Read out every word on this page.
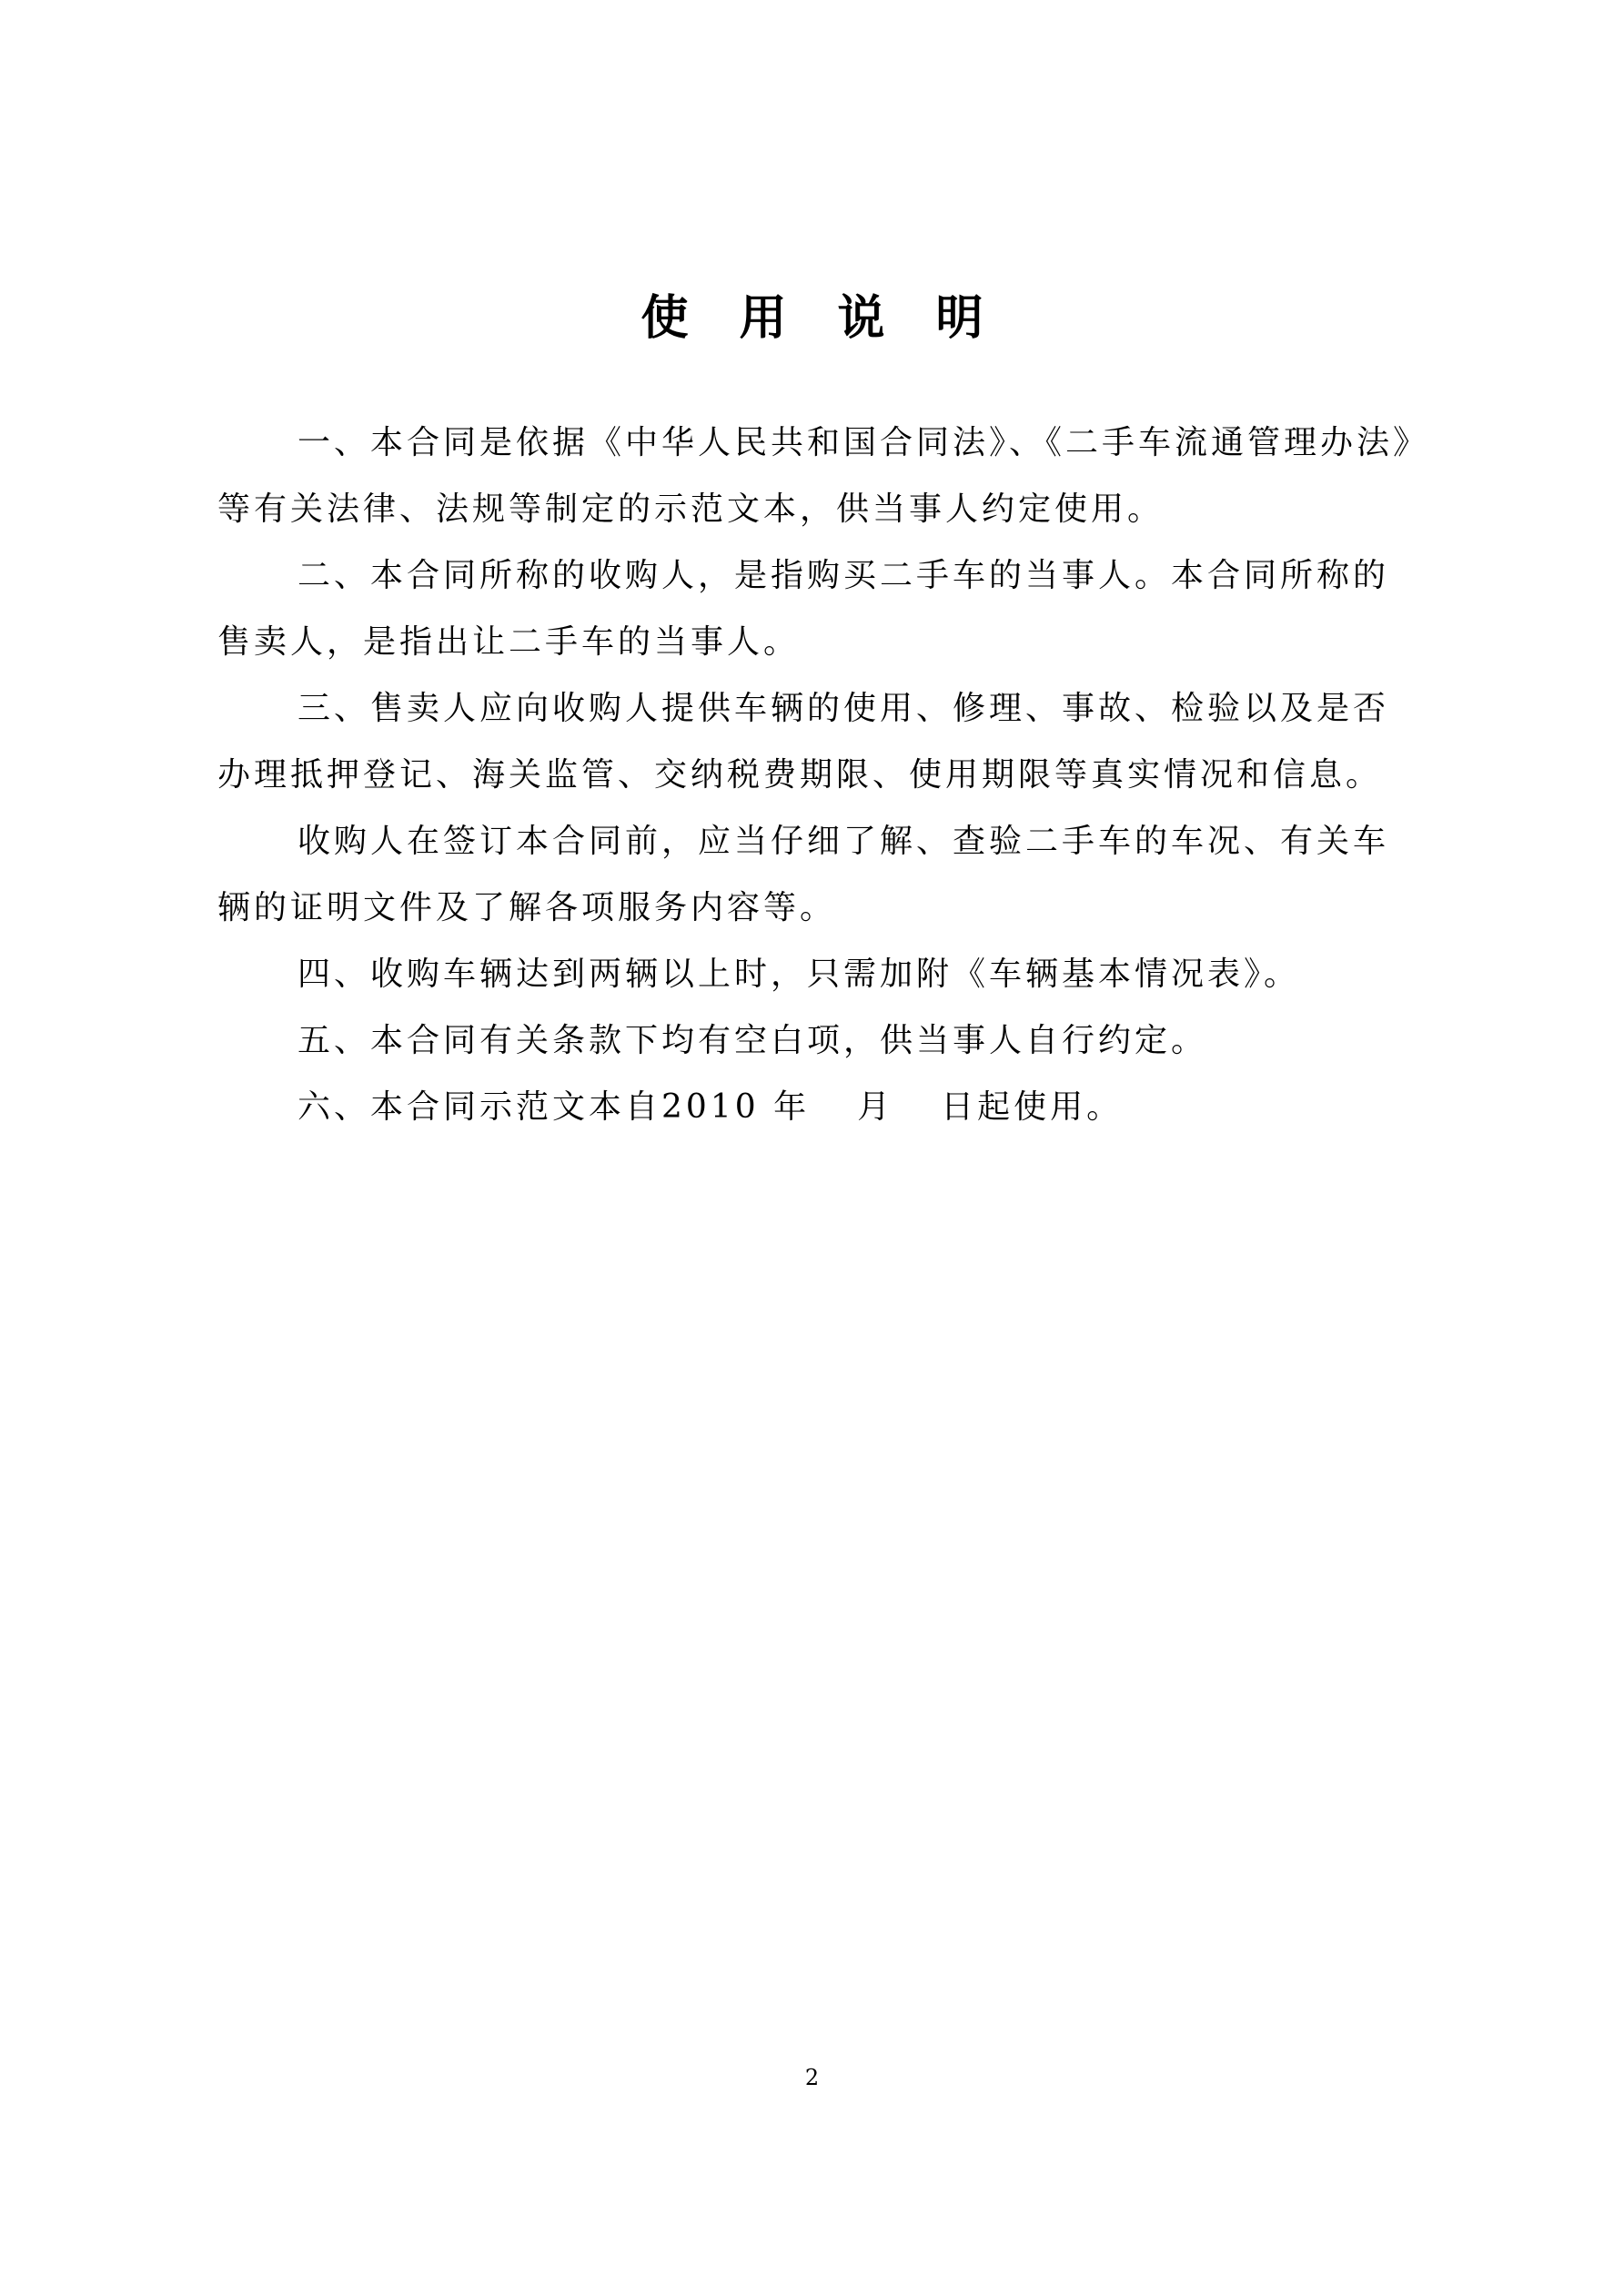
使用说明

一、本合同是依据《中华人民共和国合同法》、《二手车流通管理办法》
等有关法律、法规等制定的示范文本，供当事人约定使用。

二、本合同所称的收购人，是指购买二手车的当事人。本合同所称的
售卖人，是指出让二手车的当事人。

三、售卖人应向收购人提供车辆的使用、修理、事故、检验以及是否
办理抵押登记、海关监管、交纳税费期限、使用期限等真实情况和信息。

收购人在签订本合同前，应当仔细了解、查验二手车的车况、有关车
辆的证明文件及了解各项服务内容等。

四、收购车辆达到两辆以上时，只需加附《车辆基本情况表》。

五、本合同有关条款下均有空白项，供当事人自行约定。

六、本合同示范文本自2010 年 月 日起使用。

2
